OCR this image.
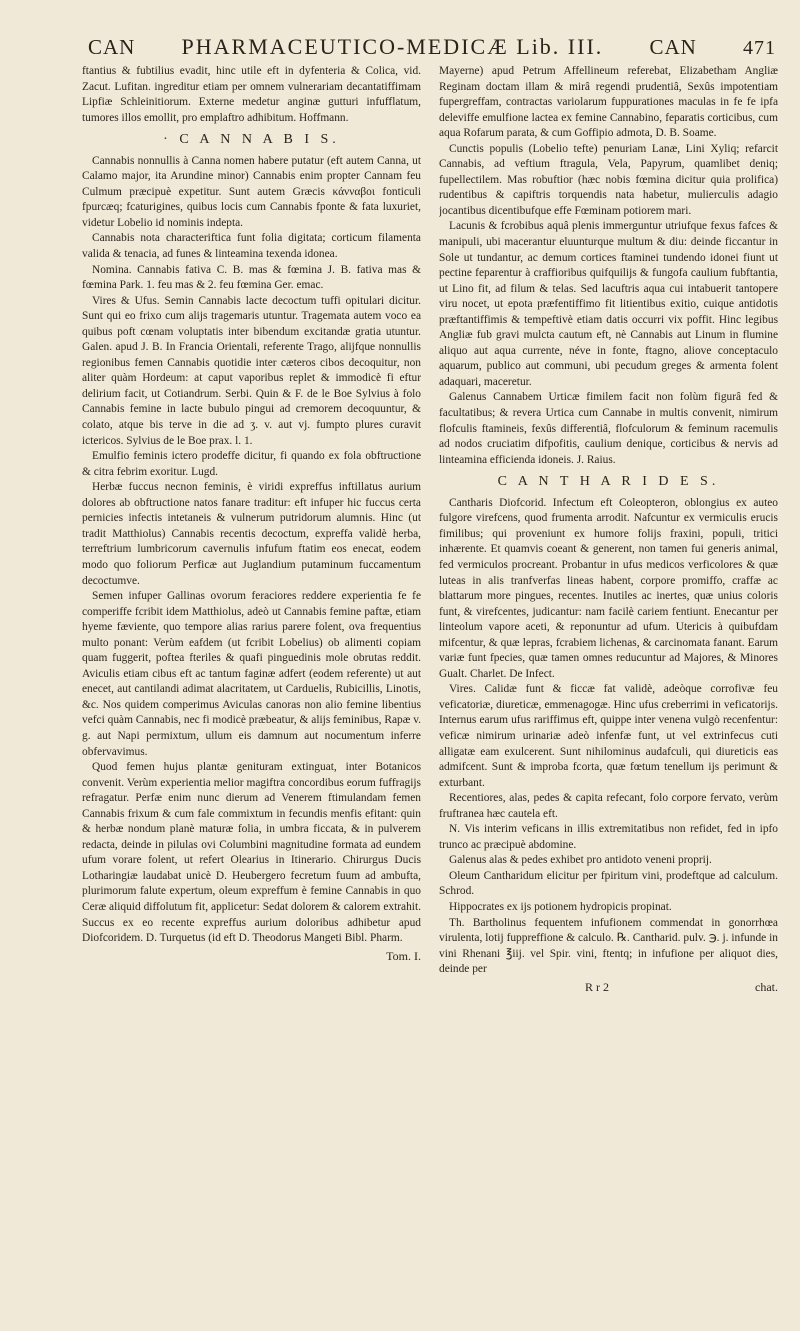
CAN PHARMACEUTICO-MEDICÆ Lib. III. CAN 471

ftantius & fubtilius evadit, hinc utile eft in dyfenteria & Colica, vid. Zacut. Lufitan. ingreditur etiam per omnem vulnerariam decantatiffimam Lipfiæ Schleinitiorum. Externe medetur anginæ gutturi infufflatum, tumores illos emollit, pro emplaftro adhibitum. Hoffmann.

· C A N N A B I S.

Cannabis nonnullis à Canna nomen habere putatur (eft autem Canna, ut Calamo major, ita Arundine minor) Cannabis enim propter Cannam feu Culmum præcipuè expetitur. Sunt autem Græcis κάνναβοι fonticuli fpurcæq; fcaturigines, quibus locis cum Cannabis fponte & fata luxuriet, videtur Lobelio id nominis indepta.

Cannabis nota characteriftica funt folia digitata; corticum filamenta valida & tenacia, ad funes & linteamina texenda idonea.

Nomina. Cannabis fativa C. B. mas & fœmina J. B. fativa mas & fœmina Park. 1. feu mas & 2. feu fœmina Ger. emac.

Vires & Ufus. Semin Cannabis lacte decoctum tuffi opitulari dicitur. Sunt qui eo frixo cum alijs tragemaris utuntur. Tragemata autem voco ea quibus poft cœnam voluptatis inter bibendum excitandæ gratia utuntur. Galen. apud J. B. In Francia Orientali, referente Trago, alijfque nonnullis regionibus femen Cannabis quotidie inter cæteros cibos decoquitur, non aliter quàm Hordeum: at caput vaporibus replet & immodicè fi eftur delirium facit, ut Cotiandrum. Serbi. Quin & F. de le Boe Sylvius à folo Cannabis femine in lacte bubulo pingui ad cremorem decoquuntur, & colato, atque bis terve in die ad ʒ. v. aut vj. fumpto plures curavit ictericos. Sylvius de le Boe prax. l. 1.

Emulfio feminis ictero prodeffe dicitur, fi quando ex fola obftructione & citra febrim exoritur. Lugd.

Herbæ fuccus necnon feminis, è viridi expreffus inftillatus aurium dolores ab obftructione natos fanare traditur: eft infuper hic fuccus certa pernicies infectis intetaneis & vulnerum putridorum alumnis. Hinc (ut tradit Matthiolus) Cannabis recentis decoctum, expreffa validè herba, terreftrium lumbricorum cavernulis infufum ftatim eos enecat, eodem modo quo foliorum Perficæ aut Juglandium putaminum fuccamentum decoctumve.

Semen infuper Gallinas ovorum feraciores reddere experientia fe fe comperiffe fcribit idem Matthiolus, adeò ut Cannabis femine paftæ, etiam hyeme fæviente, quo tempore alias rarius parere folent, ova frequentius multo ponant: Verùm eafdem (ut fcribit Lobelius) ob alimenti copiam quam fuggerit, poftea fteriles & quafi pinguedinis mole obrutas reddit. Aviculis etiam cibus eft ac tantum faginæ adfert (eodem referente) ut aut enecet, aut cantilandi adimat alacritatem, ut Carduelis, Rubicillis, Linotis, &c. Nos quidem comperimus Aviculas canoras non alio femine libentius vefci quàm Cannabis, nec fi modicè præbeatur, & alijs feminibus, Rapæ v. g. aut Napi permixtum, ullum eis damnum aut nocumentum inferre obfervavimus.

Quod femen hujus plantæ genituram extinguat, inter Botanicos convenit. Verùm experientia melior magiftra concordibus eorum fuffragijs refragatur. Perfæ enim nunc dierum ad Venerem ftimulandam femen Cannabis frixum & cum fale commixtum in fecundis menfis efitant: quin & herbæ nondum planè maturæ folia, in umbra ficcata, & in pulverem redacta, deinde in pilulas ovi Columbini magnitudine formata ad eundem ufum vorare folent, ut refert Olearius in Itinerario. Chirurgus Ducis Lotharingiæ laudabat unicè D. Heubergero fecretum fuum ad ambufta, plurimorum falute expertum, oleum expreffum è femine Cannabis in quo Ceræ aliquid diffolutum fit, applicetur: Sedat dolorem & calorem extrahit. Succus ex eo recente expreffus aurium doloribus adhibetur apud Diofcoridem. D. Turquetus (id eft D. Theodorus Mangeti Bibl. Pharm.

Tom. I.

Mayerne) apud Petrum Affellineum referebat, Elizabetham Angliæ Reginam doctam illam & mirâ regendi prudentiâ, Sexûs impotentiam fupergreffam, contractas variolarum fuppurationes maculas in fe fe ipfa deleviffe emulfione lactea ex femine Cannabino, feparatis corticibus, cum aqua Rofarum parata, & cum Goffipio admota, D. B. Soame.

Cunctis populis (Lobelio tefte) penuriam Lanæ, Lini Xyliq; refarcit Cannabis, ad veftium ftragula, Vela, Papyrum, quamlibet deniq; fupellectilem. Mas robuftior (hæc nobis fœmina dicitur quia prolifica) rudentibus & capiftris torquendis nata habetur, mulierculis adagio jocantibus dicentibufque effe Fœminam potiorem mari.

Lacunis & fcrobibus aquâ plenis immerguntur utriufque fexus fafces & manipuli, ubi macerantur eluunturque multum & diu: deinde ficcantur in Sole ut tundantur, ac demum cortices ftaminei tundendo idonei fiunt ut pectine feparentur à craffioribus quifquilijs & fungofa caulium fubftantia, ut Lino fit, ad filum & telas. Sed lacuftris aqua cui intabuerit tantopere viru nocet, ut epota præfentiffimo fit litientibus exitio, cuique antidotis præftantiffimis & tempeftivè etiam datis occurri vix poffit. Hinc legibus Angliæ fub gravi mulcta cautum eft, nè Cannabis aut Linum in flumine aliquo aut aqua currente, néve in fonte, ftagno, aliove conceptaculo aquarum, publico aut communi, ubi pecudum greges & armenta folent adaquari, maceretur.

Galenus Cannabem Urticæ fimilem facit non folùm figurâ fed & facultatibus; & revera Urtica cum Cannabe in multis convenit, nimirum flofculis ftamineis, fexûs differentiâ, flofculorum & feminum racemulis ad nodos cruciatim difpofitis, caulium denique, corticibus & nervis ad linteamina efficienda idoneis. J. Raius.

C A N T H A R I D E S.

Cantharis Diofcorid. Infectum eft Coleopteron, oblongius ex auteo fulgore virefcens, quod frumenta arrodit. Nafcuntur ex vermiculis erucis fimilibus; qui proveniunt ex humore folijs fraxini, populi, tritici inhærente. Et quamvis coeant & generent, non tamen fui generis animal, fed vermiculos procreant. Probantur in ufus medicos verficolores & quæ luteas in alis tranfverfas lineas habent, corpore promiffo, craffæ ac blattarum more pingues, recentes. Inutiles ac inertes, quæ unius coloris funt, & virefcentes, judicantur: nam facilè cariem fentiunt. Enecantur per linteolum vapore aceti, & reponuntur ad ufum. Utericis à quibufdam mifcentur, & quæ lepras, fcrabiem lichenas, & carcinomata fanant. Earum variæ funt fpecies, quæ tamen omnes reducuntur ad Majores, & Minores Gualt. Charlet. De Infect.

Vires. Calidæ funt & ficcæ fat validè, adeòque corrofivæ feu veficatoriæ, diureticæ, emmenagogæ. Hinc ufus creberrimi in veficatorijs. Internus earum ufus rariffimus eft, quippe inter venena vulgò recenfentur: veficæ nimirum urinariæ adeò infenfæ funt, ut vel extrinfecus cuti alligatæ eam exulcerent. Sunt nihilominus audafculi, qui diureticis eas admifcent. Sunt & improba fcorta, quæ fœtum tenellum ijs perimunt & exturbant.

Recentiores, alas, pedes & capita refecant, folo corpore fervato, verùm fruftranea hæc cautela eft.

N. Vis interim veficans in illis extremitatibus non refidet, fed in ipfo trunco ac præcipuè abdomine.

Galenus alas & pedes exhibet pro antidoto veneni proprij.

Oleum Cantharidum elicitur per fpiritum vini, prodeftque ad calculum. Schrod.

Hippocrates ex ijs potionem hydropicis propinat.

Th. Bartholinus fequentem infufionem commendat in gonorrhœa virulenta, lotij fuppreffione & calculo. ℞. Cantharid. pulv. ℈. j. infunde in vini Rhenani ℥iij. vel Spir. vini, ftentq; in infufione per aliquot dies, deinde per

R r 2	chat.
